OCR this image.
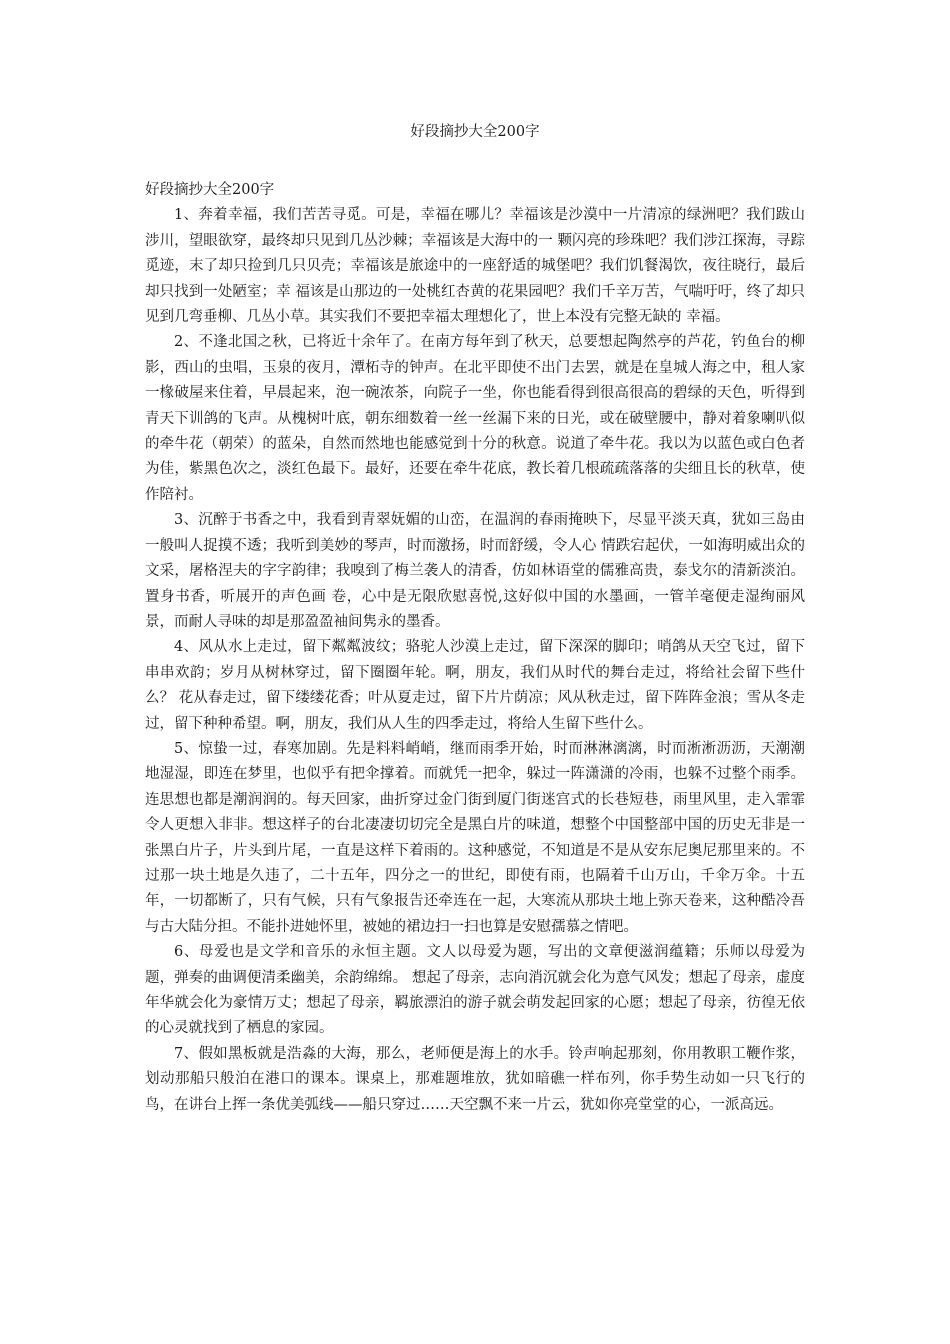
好段摘抄大全200字

好段摘抄大全200字

1、奔着幸福，我们苦苦寻觅。可是，幸福在哪儿？幸福该是沙漠中一片清凉的绿洲吧？我们跋山涉川，望眼欲穿，最终却只见到几丛沙棘；幸福该是大海中的一 颗闪亮的珍珠吧？我们涉江探海，寻踪觅迹，末了却只捡到几只贝壳；幸福该是旅途中的一座舒适的城堡吧？我们饥餐渴饮，夜往晓行，最后却只找到一处陋室；幸 福该是山那边的一处桃红杏黄的花果园吧？我们千辛万苦，气喘吁吁，终了却只见到几弯垂柳、几丛小草。其实我们不要把幸福太理想化了，世上本没有完整无缺的 幸福。

2、不逢北国之秋，已将近十余年了。在南方每年到了秋天，总要想起陶然亭的芦花，钓鱼台的柳影，西山的虫唱，玉泉的夜月，潭柘寺的钟声。在北平即使不出门去罢，就是在皇城人海之中，租人家一椽破屋来住着，早晨起来，泡一碗浓茶，向院子一坐，你也能看得到很高很高的碧绿的天色，听得到青天下训鸽的飞声。从槐树叶底，朝东细数着一丝一丝漏下来的日光，或在破壁腰中，静对着象喇叭似的牵牛花（朝荣）的蓝朵，自然而然地也能感觉到十分的秋意。说道了牵牛花。我以为以蓝色或白色者为佳，紫黑色次之，淡红色最下。最好，还要在牵牛花底，教长着几根疏疏落落的尖细且长的秋草，使作陪衬。

3、沉醉于书香之中，我看到青翠妩媚的山峦，在温润的春雨掩映下，尽显平淡天真，犹如三岛由一般叫人捉摸不透；我听到美妙的琴声，时而激扬，时而舒缓，令人心 情跌宕起伏，一如海明威出众的文采，屠格涅夫的字字韵律；我嗅到了梅兰袭人的清香，仿如林语堂的儒雅高贵，泰戈尔的清新淡泊。置身书香，听展开的声色画 卷，心中是无限欣慰喜悦,这好似中国的水墨画，一管羊毫便走湿绚丽风景，而耐人寻味的却是那盈盈袖间隽永的墨香。

4、风从水上走过，留下粼粼波纹；骆驼人沙漠上走过，留下深深的脚印；哨鸽从天空飞过，留下串串欢韵；岁月从树林穿过，留下圈圈年轮。啊，朋友，我们从时代的舞台走过，将给社会留下些什么？ 花从春走过，留下缕缕花香；叶从夏走过，留下片片荫凉；风从秋走过，留下阵阵金浪；雪从冬走过，留下种种希望。啊，朋友，我们从人生的四季走过，将给人生留下些什么。

5、惊蛰一过，春寒加剧。先是料料峭峭，继而雨季开始，时而淋淋漓漓，时而淅淅沥沥，天潮潮地湿湿，即连在梦里，也似乎有把伞撑着。而就凭一把伞，躲过一阵潇潇的冷雨，也躲不过整个雨季。连思想也都是潮润润的。每天回家，曲折穿过金门街到厦门街迷宫式的长巷短巷，雨里风里，走入霏霏令人更想入非非。想这样子的台北凄凄切切完全是黑白片的味道，想整个中国整部中国的历史无非是一张黑白片子，片头到片尾，一直是这样下着雨的。这种感觉，不知道是不是从安东尼奥尼那里来的。不过那一块土地是久违了，二十五年，四分之一的世纪，即使有雨，也隔着千山万山，千伞万伞。十五年，一切都断了，只有气候，只有气象报告还牵连在一起，大寒流从那块土地上弥天卷来，这种酷冷吾与古大陆分担。不能扑进她怀里，被她的裙边扫一扫也算是安慰孺慕之情吧。

6、母爱也是文学和音乐的永恒主题。文人以母爱为题，写出的文章便滋润蕴籍；乐师以母爱为题，弹奏的曲调便清柔幽美，余韵绵绵。 想起了母亲，志向消沉就会化为意气风发；想起了母亲，虚度年华就会化为豪情万丈；想起了母亲，羁旅漂泊的游子就会萌发起回家的心愿；想起了母亲，彷徨无依的心灵就找到了栖息的家园。

7、假如黑板就是浩淼的大海，那么，老师便是海上的水手。铃声响起那刻，你用教职工鞭作浆，划动那船只般泊在港口的课本。课桌上，那难题堆放，犹如暗礁一样布列，你手势生动如一只飞行的鸟，在讲台上挥一条优美弧线——船只穿过……天空飘不来一片云，犹如你亮堂堂的心，一派高远。
